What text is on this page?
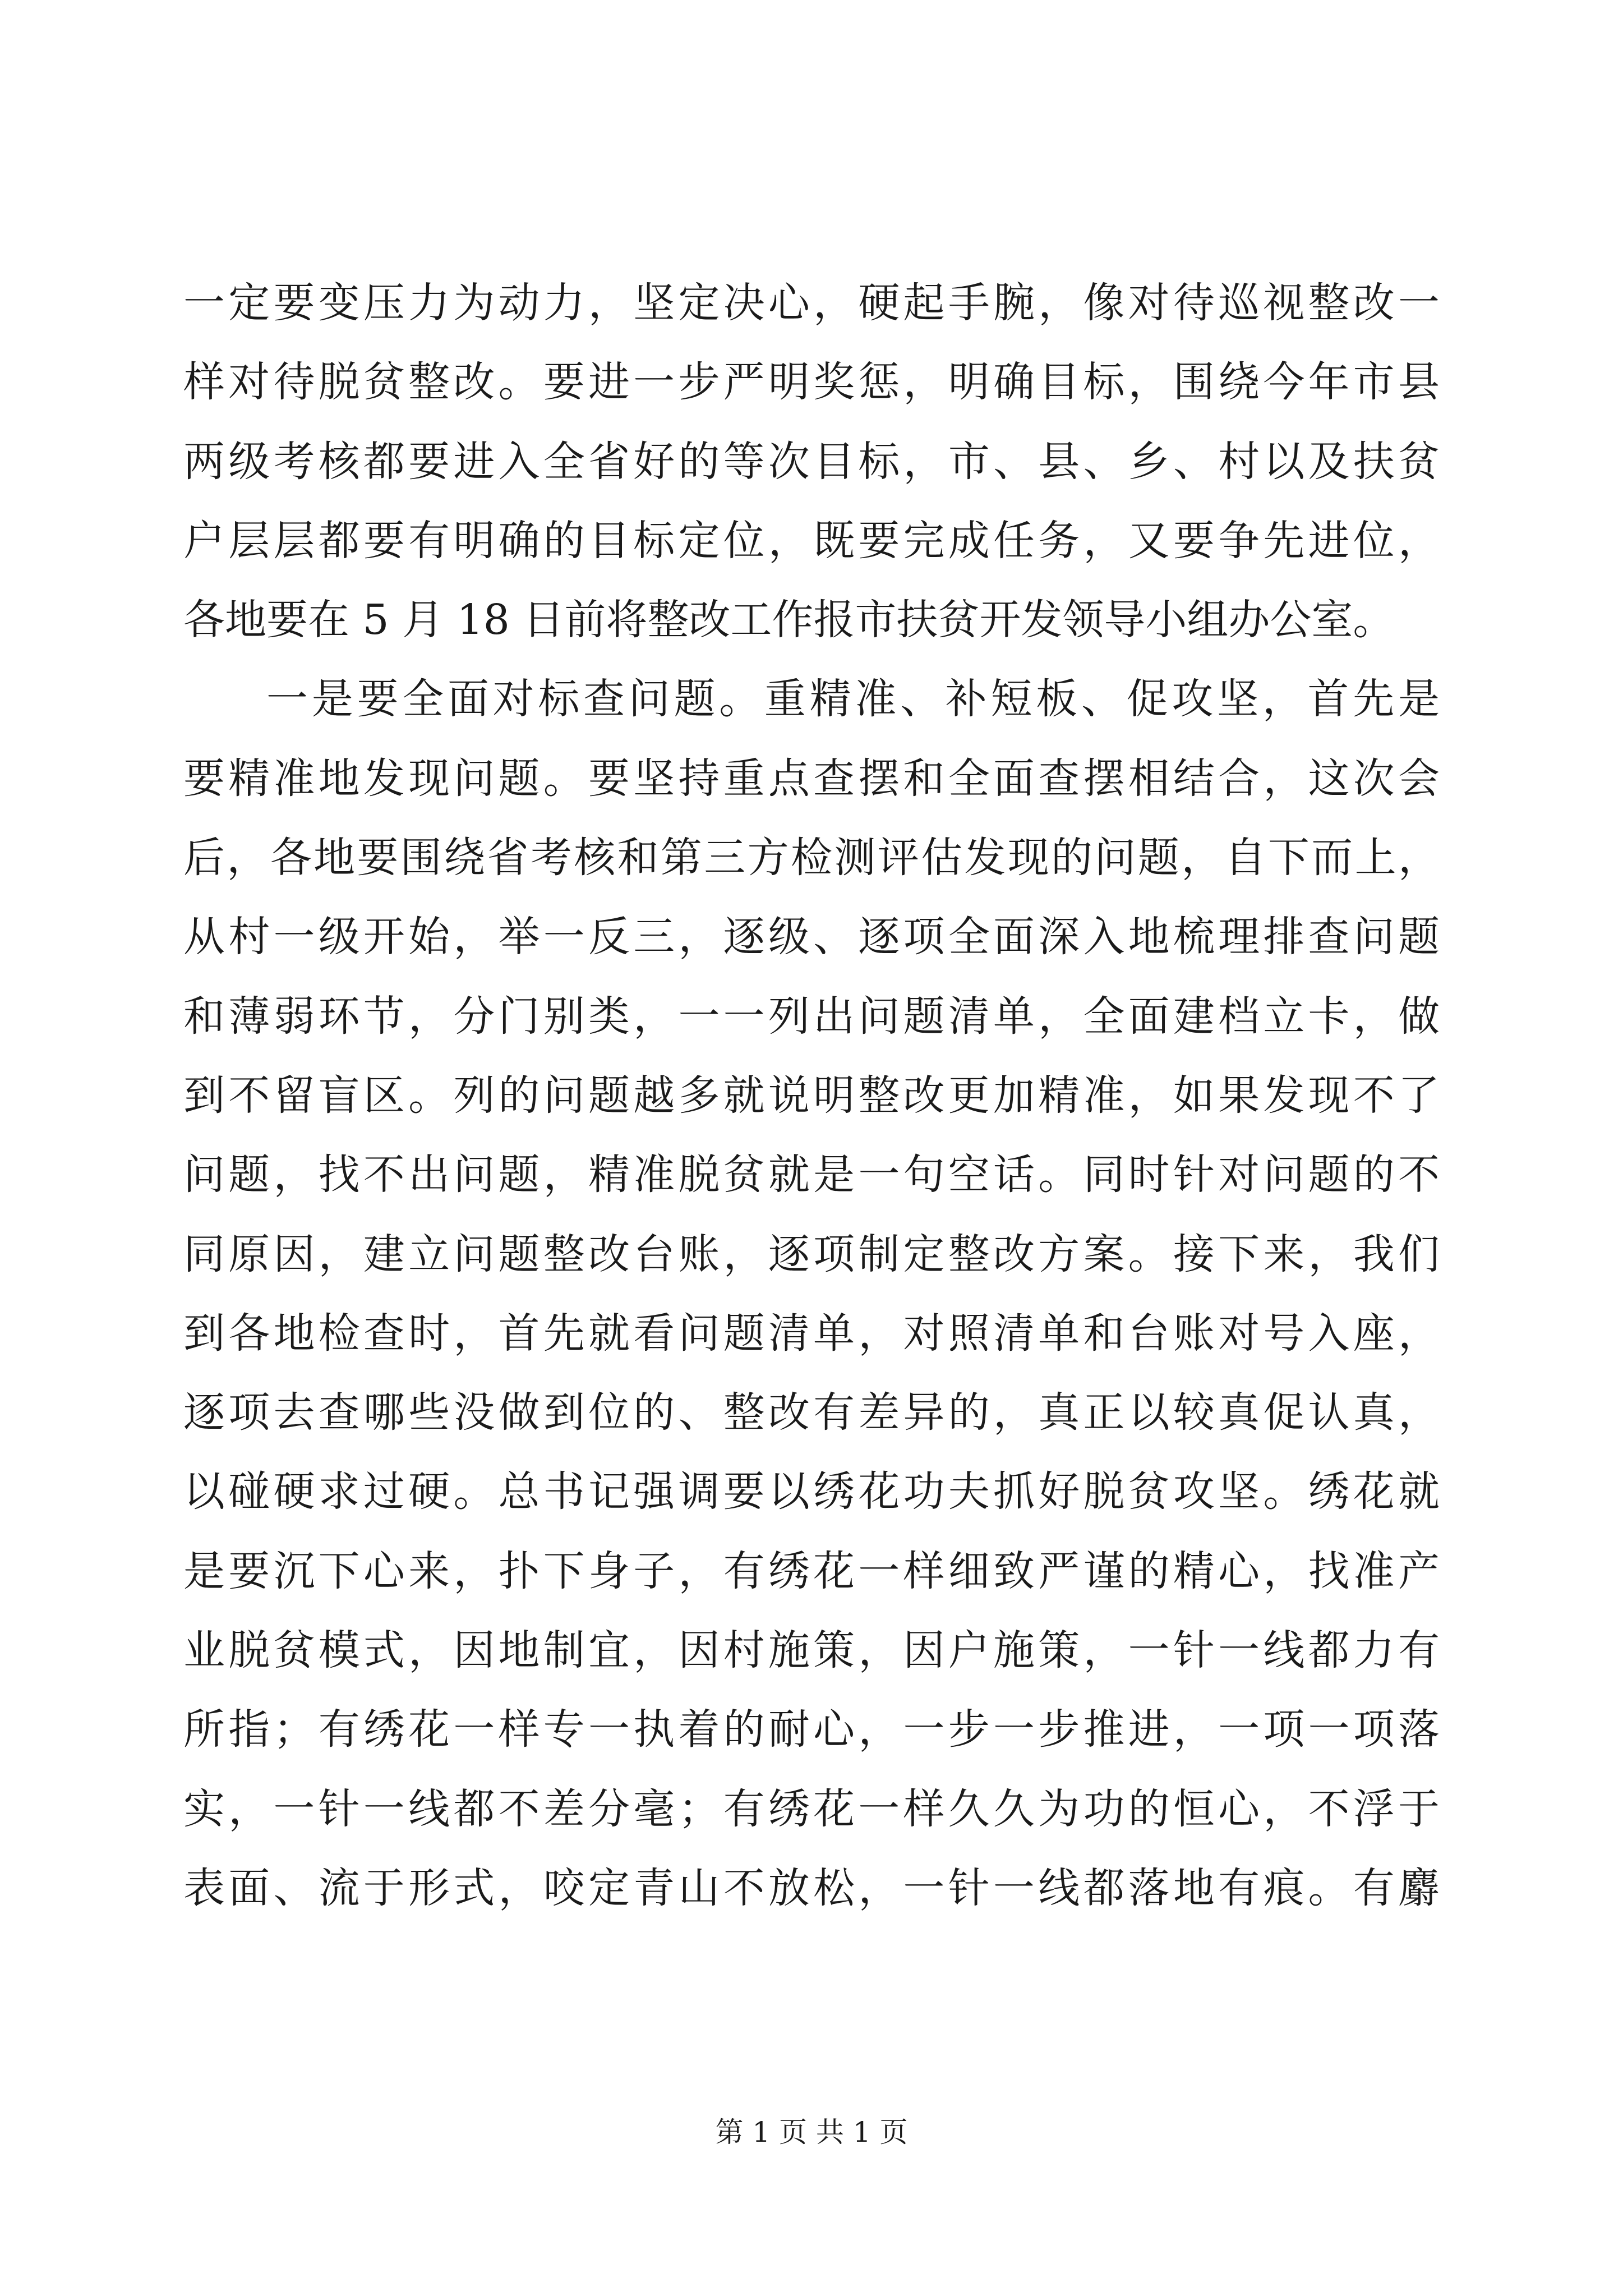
一定要变压力为动力，坚定决心，硬起手腕，像对待巡视整改一
样对待脱贫整改。要进一步严明奖惩，明确目标，围绕今年市县
两级考核都要进入全省好的等次目标，市、县、乡、村以及扶贫
户层层都要有明确的目标定位，既要完成任务，又要争先进位，
各地要在 5 月 18 日前将整改工作报市扶贫开发领导小组办公室。
一是要全面对标查问题。重精准、补短板、促攻坚，首先是
要精准地发现问题。要坚持重点查摆和全面查摆相结合，这次会
后，各地要围绕省考核和第三方检测评估发现的问题，自下而上，
从村一级开始，举一反三，逐级、逐项全面深入地梳理排查问题
和薄弱环节，分门别类，一一列出问题清单，全面建档立卡，做
到不留盲区。列的问题越多就说明整改更加精准，如果发现不了
问题，找不出问题，精准脱贫就是一句空话。同时针对问题的不
同原因，建立问题整改台账，逐项制定整改方案。接下来，我们
到各地检查时，首先就看问题清单，对照清单和台账对号入座，
逐项去查哪些没做到位的、整改有差异的，真正以较真促认真，
以碰硬求过硬。总书记强调要以绣花功夫抓好脱贫攻坚。绣花就
是要沉下心来，扑下身子，有绣花一样细致严谨的精心，找准产
业脱贫模式，因地制宜，因村施策，因户施策，一针一线都力有
所指；有绣花一样专一执着的耐心，一步一步推进，一项一项落
实，一针一线都不差分毫；有绣花一样久久为功的恒心，不浮于
表面、流于形式，咬定青山不放松，一针一线都落地有痕。有麝
第 1 页 共 1 页
